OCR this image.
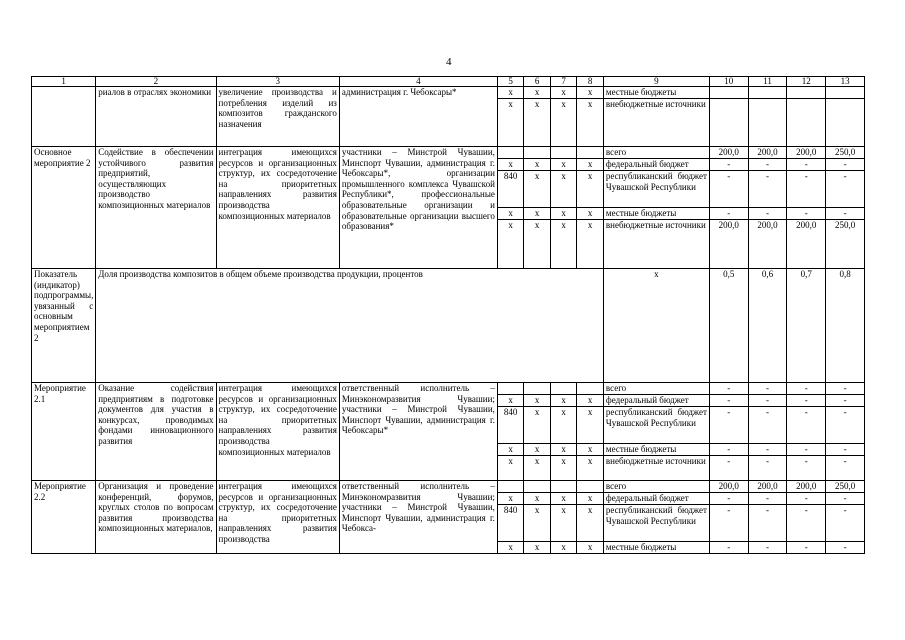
4
1	2	3	4	5	6	7	8	9	10	11	12	13
	риалов в отраслях экономики	увеличение производства и потребления изделий из композитов гражданского назначения	администрация г. Чебоксары*	x	x	x	x	местные бюджеты				
				x	x	x	x	внебюджетные источники				
Основное мероприятие 2	Содействие в обеспечении устойчивого развития предприятий, осуществляющих производство композиционных материалов	интеграция имеющихся ресурсов и организационных структур, их сосредоточение на приоритетных направлениях развития производства композиционных материалов	участники – Минстрой Чувашии, Минспорт Чувашии, администрация г. Чебоксары*, организации промышленного комплекса Чувашской Республики*, профессиональные образовательные организации и образовательные организации высшего образования*					всего	200,0	200,0	200,0	250,0
				x	x	x	x	федеральный бюджет	-	-	-	-
				840	x	x	x	республиканский бюджет Чувашской Республики	-	-	-	-
				x	x	x	x	местные бюджеты	-	-	-	-
				x	x	x	x	внебюджетные источники	200,0	200,0	200,0	250,0
Показатель (индикатор) подпрограммы, увязанный с основным мероприятием 2	Доля производства композитов в общем объеме производства продукции, процентов							x	0,5	0,6	0,7	0,8
Мероприятие 2.1	Оказание содействия предприятиям в подготовке документов для участия в конкурсах, проводимых фондами инновационного развития	интеграция имеющихся ресурсов и организационных структур, их сосредоточение на приоритетных направлениях развития производства композиционных материалов	ответственный исполнитель – Минэкономразвития Чувашии; участники – Минстрой Чувашии, Минспорт Чувашии, администрация г. Чебоксары*					всего	-	-	-	-
				x	x	x	x	федеральный бюджет	-	-	-	-
				840	x	x	x	республиканский бюджет Чувашской Республики	-	-	-	-
				x	x	x	x	местные бюджеты	-	-	-	-
				x	x	x	x	внебюджетные источники	-	-	-	-
Мероприятие 2.2	Организация и проведение конференций, форумов, круглых столов по вопросам развития производства композиционных материалов,	интеграция имеющихся ресурсов и организационных структур, их сосредоточение на приоритетных направлениях развития производства	ответственный исполнитель – Минэкономразвития Чувашии; участники – Минстрой Чувашии, Минспорт Чувашии, администрация г. Чебокса-					всего	200,0	200,0	200,0	250,0
				x	x	x	x	федеральный бюджет	-	-	-	-
				840	x	x	x	республиканский бюджет Чувашской Республики	-	-	-	-
				x	x	x	x	местные бюджеты	-	-	-	-
